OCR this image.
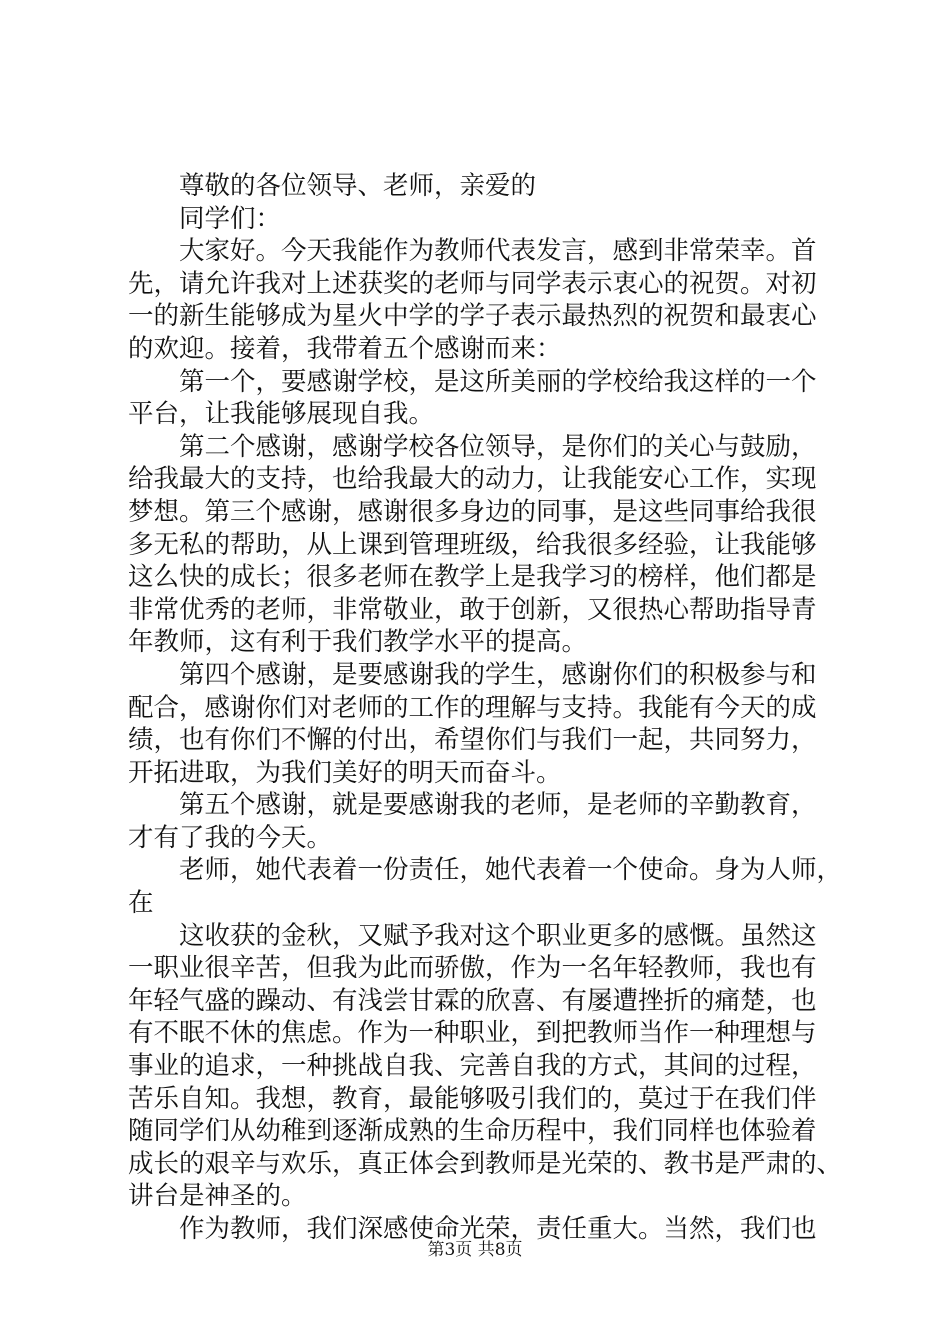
尊敬的各位领导、老师，亲爱的

同学们：

大家好。今天我能作为教师代表发言，感到非常荣幸。首

先，请允许我对上述获奖的老师与同学表示衷心的祝贺。对初

一的新生能够成为星火中学的学子表示最热烈的祝贺和最衷心

的欢迎。接着，我带着五个感谢而来：

第一个，要感谢学校，是这所美丽的学校给我这样的一个

平台，让我能够展现自我。

第二个感谢，感谢学校各位领导，是你们的关心与鼓励，

给我最大的支持，也给我最大的动力，让我能安心工作，实现

梦想。第三个感谢，感谢很多身边的同事，是这些同事给我很

多无私的帮助，从上课到管理班级，给我很多经验，让我能够

这么快的成长；很多老师在教学上是我学习的榜样，他们都是

非常优秀的老师，非常敬业，敢于创新，又很热心帮助指导青

年教师，这有利于我们教学水平的提高。

第四个感谢，是要感谢我的学生，感谢你们的积极参与和

配合，感谢你们对老师的工作的理解与支持。我能有今天的成

绩，也有你们不懈的付出，希望你们与我们一起，共同努力，

开拓进取，为我们美好的明天而奋斗。

第五个感谢，就是要感谢我的老师，是老师的辛勤教育，

才有了我的今天。

老师，她代表着一份责任，她代表着一个使命。身为人师，

在

这收获的金秋，又赋予我对这个职业更多的感慨。虽然这

一职业很辛苦，但我为此而骄傲，作为一名年轻教师，我也有

年轻气盛的躁动、有浅尝甘霖的欣喜、有屡遭挫折的痛楚，也

有不眠不休的焦虑。作为一种职业，到把教师当作一种理想与

事业的追求，一种挑战自我、完善自我的方式，其间的过程，

苦乐自知。我想，教育，最能够吸引我们的，莫过于在我们伴

随同学们从幼稚到逐渐成熟的生命历程中，我们同样也体验着

成长的艰辛与欢乐，真正体会到教师是光荣的、教书是严肃的、

讲台是神圣的。

作为教师，我们深感使命光荣，责任重大。当然，我们也

第3页 共8页
